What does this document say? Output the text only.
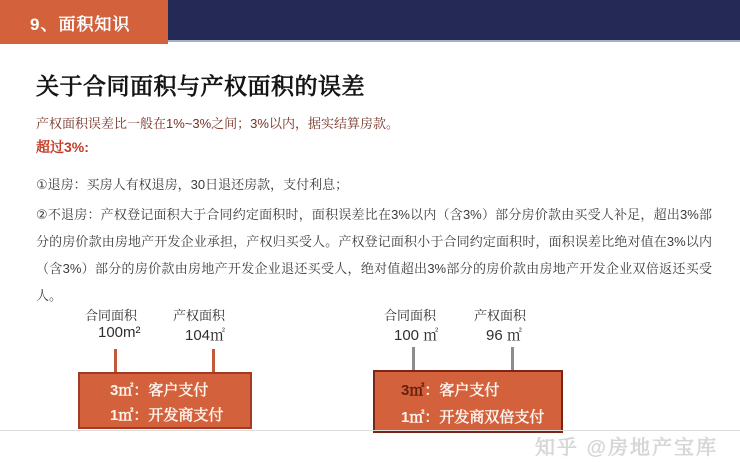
9、面积知识
关于合同面积与产权面积的误差

产权面积误差比一般在1%~3%之间；3%以内，据实结算房款。

超过3%:

①退房：买房人有权退房，30日退还房款，支付利息；

②不退房：产权登记面积大于合同约定面积时，面积误差比在3%以内（含3%）部分房价款由买受人补足，超出3%部分的房价款由房地产开发企业承担，产权归买受人。产权登记面积小于合同约定面积时，面积误差比绝对值在3%以内（含3%）部分的房价款由房地产开发企业退还买受人，绝对值超出3%部分的房价款由房地产开发企业双倍返还买受人。

合同面积
100m²
产权面积
104㎡
3㎡：客户支付
1㎡：开发商支付
合同面积
100 ㎡
产权面积
96 ㎡
3㎡：客户支付
1㎡：开发商双倍支付
知乎 @房地产宝库
